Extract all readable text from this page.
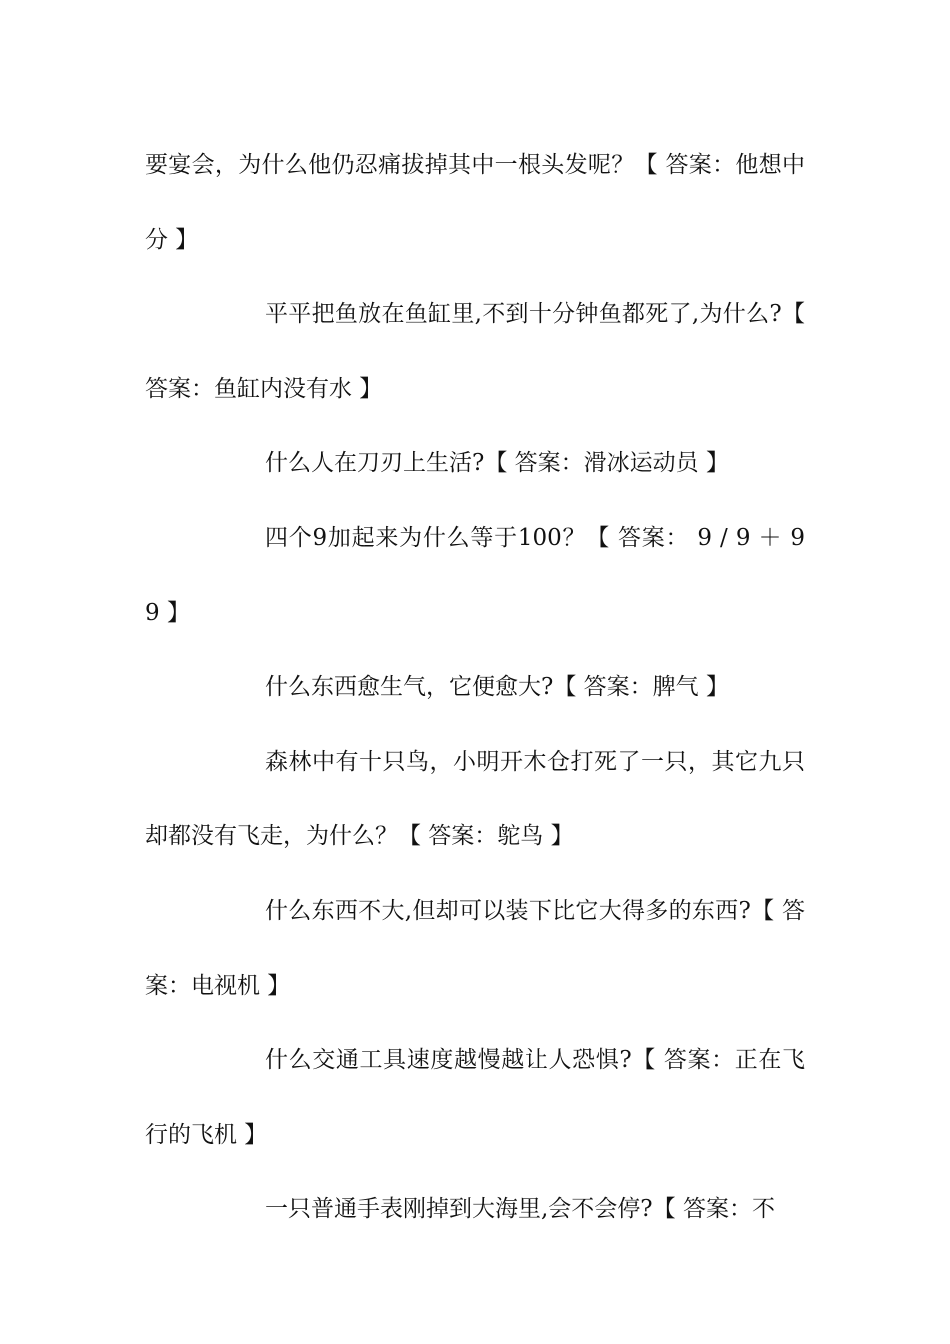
要宴会，为什么他仍忍痛拔掉其中一根头发呢？【 答案：他想中分 】

平平把鱼放在鱼缸里,不到十分钟鱼都死了,为什么?【 答案：鱼缸内没有水 】

什么人在刀刃上生活?【 答案：滑冰运动员 】

四个9加起来为什么等于100？【 答案： 9 / 9 ＋ 9 9 】

什么东西愈生气，它便愈大?【 答案：脾气 】

森林中有十只鸟，小明开木仓打死了一只，其它九只却都没有飞走，为什么？【 答案：鸵鸟 】

什么东西不大,但却可以装下比它大得多的东西?【 答案：电视机 】

什么交通工具速度越慢越让人恐惧?【 答案：正在飞行的飞机 】

一只普通手表刚掉到大海里,会不会停?【 答案：不
